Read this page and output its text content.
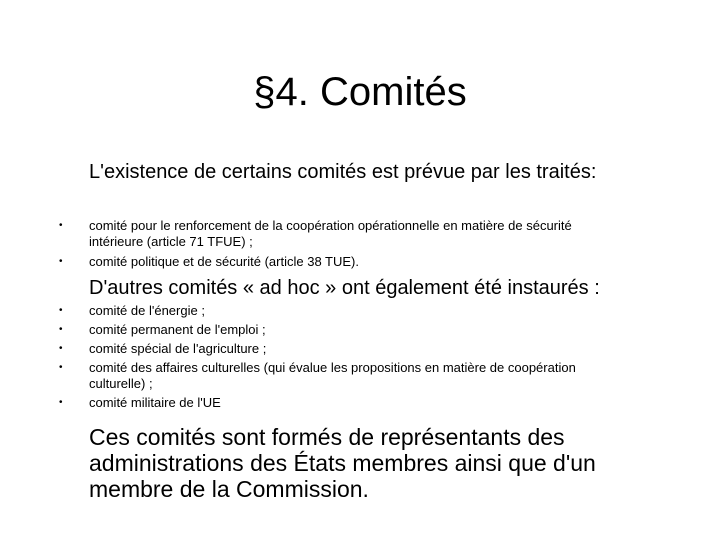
§4. Comités
L'existence de certains comités est prévue par les traités:
• comité pour le renforcement de la coopération opérationnelle en matière de sécurité intérieure (article 71 TFUE) ;
• comité politique et de sécurité (article 38 TUE).
D'autres comités « ad hoc » ont également été instaurés :
• comité de l'énergie ;
• comité permanent de l'emploi ;
• comité spécial de l'agriculture ;
• comité des affaires culturelles (qui évalue les propositions en matière de coopération culturelle) ;
• comité militaire de l'UE
Ces comités sont formés de représentants des administrations des États membres ainsi que d'un membre de la Commission.
